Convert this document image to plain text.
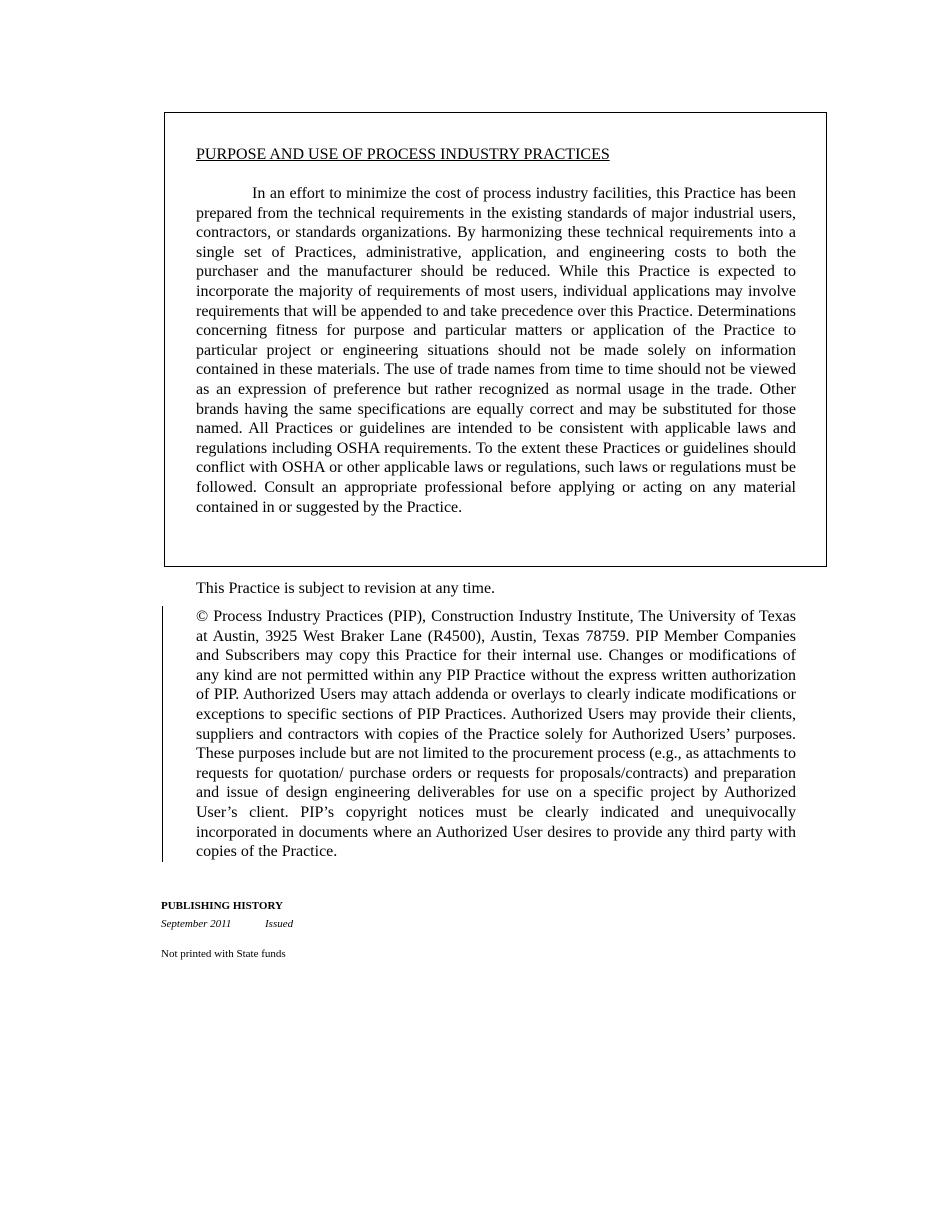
PURPOSE AND USE OF PROCESS INDUSTRY PRACTICES

In an effort to minimize the cost of process industry facilities, this Practice has been prepared from the technical requirements in the existing standards of major industrial users, contractors, or standards organizations. By harmonizing these technical requirements into a single set of Practices, administrative, application, and engineering costs to both the purchaser and the manufacturer should be reduced. While this Practice is expected to incorporate the majority of requirements of most users, individual applications may involve requirements that will be appended to and take precedence over this Practice. Determinations concerning fitness for purpose and particular matters or application of the Practice to particular project or engineering situations should not be made solely on information contained in these materials. The use of trade names from time to time should not be viewed as an expression of preference but rather recognized as normal usage in the trade. Other brands having the same specifications are equally correct and may be substituted for those named. All Practices or guidelines are intended to be consistent with applicable laws and regulations including OSHA requirements. To the extent these Practices or guidelines should conflict with OSHA or other applicable laws or regulations, such laws or regulations must be followed. Consult an appropriate professional before applying or acting on any material contained in or suggested by the Practice.

This Practice is subject to revision at any time.

© Process Industry Practices (PIP), Construction Industry Institute, The University of Texas at Austin, 3925 West Braker Lane (R4500), Austin, Texas 78759. PIP Member Companies and Subscribers may copy this Practice for their internal use. Changes or modifications of any kind are not permitted within any PIP Practice without the express written authorization of PIP. Authorized Users may attach addenda or overlays to clearly indicate modifications or exceptions to specific sections of PIP Practices. Authorized Users may provide their clients, suppliers and contractors with copies of the Practice solely for Authorized Users’ purposes. These purposes include but are not limited to the procurement process (e.g., as attachments to requests for quotation/ purchase orders or requests for proposals/contracts) and preparation and issue of design engineering deliverables for use on a specific project by Authorized User’s client. PIP’s copyright notices must be clearly indicated and unequivocally incorporated in documents where an Authorized User desires to provide any third party with copies of the Practice.

PUBLISHING HISTORY
September 2011	Issued

Not printed with State funds
